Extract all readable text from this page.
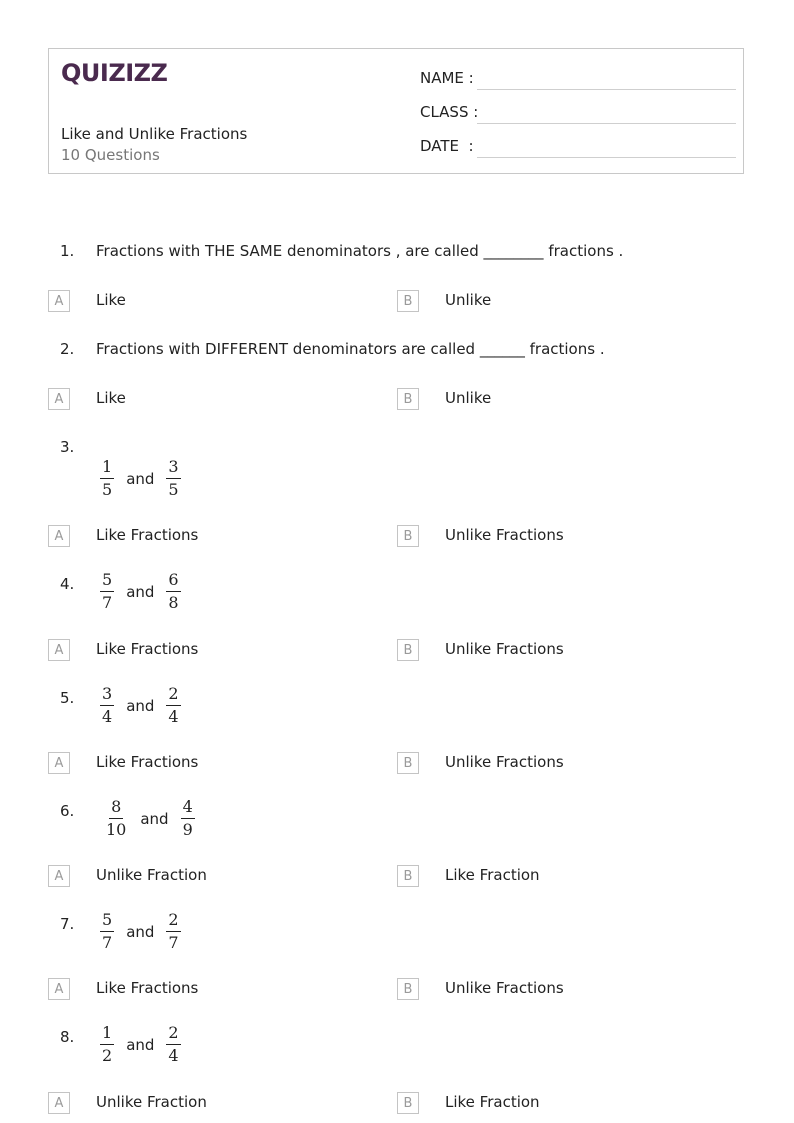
QUIZIZZ
Like and Unlike Fractions
10 Questions
NAME :
CLASS :
DATE  :
1. Fractions with THE SAME denominators , are called ________ fractions .
A	Like	B	Unlike
2. Fractions with DIFFERENT denominators are called ______ fractions .
A	Like	B	Unlike
3.
$\frac{1}{5}$ and $\frac{3}{5}$
A	Like Fractions	B	Unlike Fractions
4. $\frac{5}{7}$ and $\frac{6}{8}$
A	Like Fractions	B	Unlike Fractions
5. $\frac{3}{4}$ and $\frac{2}{4}$
A	Like Fractions	B	Unlike Fractions
6. $\frac{8}{10}$ and $\frac{4}{9}$
A	Unlike Fraction	B	Like Fraction
7. $\frac{5}{7}$ and $\frac{2}{7}$
A	Like Fractions	B	Unlike Fractions
8. $\frac{1}{2}$ and $\frac{2}{4}$
A	Unlike Fraction	B	Like Fraction
